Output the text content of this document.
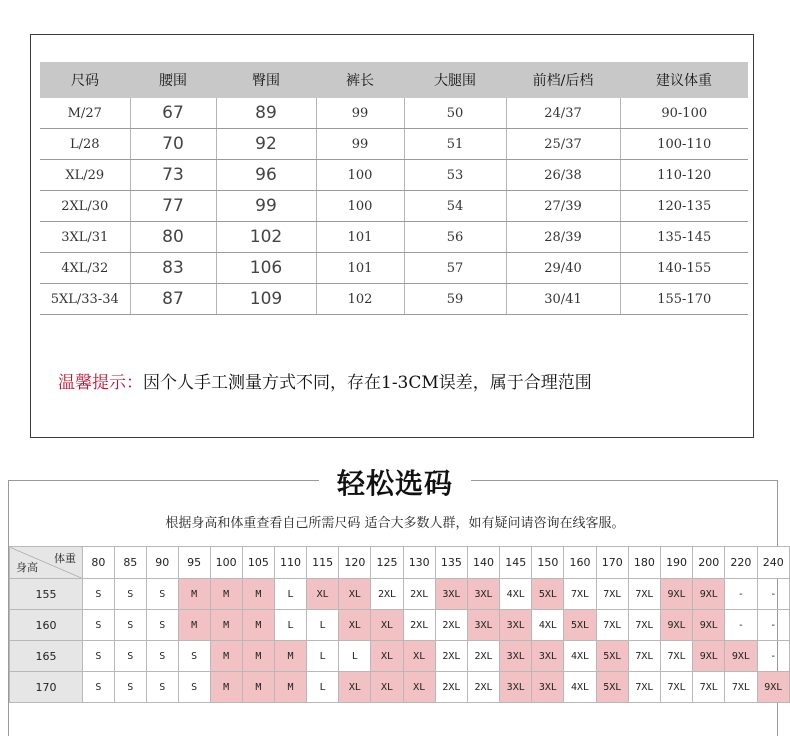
尺码	腰围	臀围	裤长	大腿围	前档/后档	建议体重
M/27	67	89	99	50	24/37	90-100
L/28	70	92	99	51	25/37	100-110
XL/29	73	96	100	53	26/38	110-120
2XL/30	77	99	100	54	27/39	120-135
3XL/31	80	102	101	56	28/39	135-145
4XL/32	83	106	101	57	29/40	140-155
5XL/33-34	87	109	102	59	30/41	155-170
温馨提示：因个人手工测量方式不同，存在1-3CM误差，属于合理范围
轻松选码
根据身高和体重查看自己所需尺码 适合大多数人群，如有疑问请咨询在线客服。
体重
身高	80	85	90	95	100	105	110	115	120	125	130	135	140	145	150	160	170	180	190	200	220	240
155	S	S	S	M	M	M	L	XL	XL	2XL	2XL	3XL	3XL	4XL	5XL	7XL	7XL	7XL	9XL	9XL	-	-
160	S	S	S	M	M	M	L	L	XL	XL	2XL	2XL	3XL	3XL	4XL	5XL	7XL	7XL	9XL	9XL	-	-
165	S	S	S	S	M	M	M	L	L	XL	XL	2XL	2XL	3XL	3XL	4XL	5XL	7XL	7XL	9XL	9XL	-
170	S	S	S	S	M	M	M	L	XL	XL	XL	2XL	2XL	3XL	3XL	4XL	5XL	7XL	7XL	7XL	7XL	9XL
